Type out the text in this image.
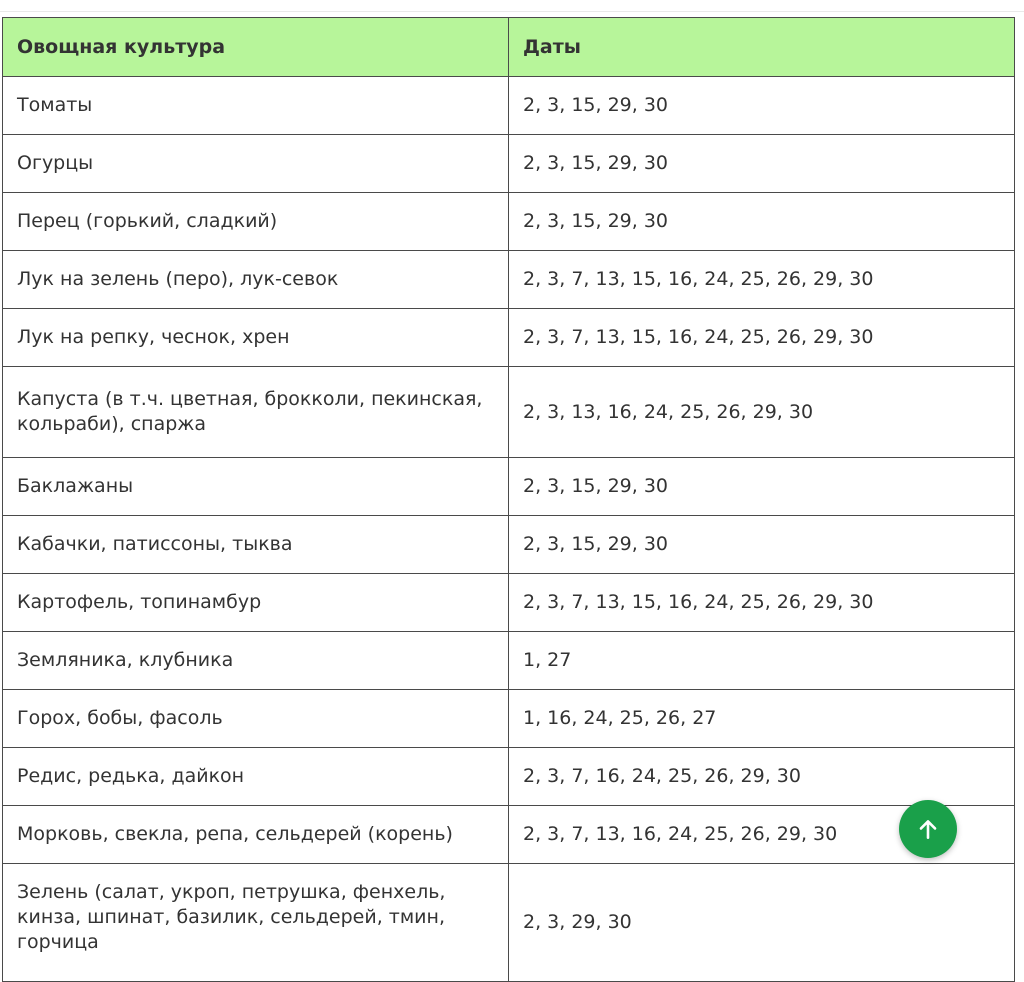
Овощная культура	Даты
Томаты	2, 3, 15, 29, 30
Огурцы	2, 3, 15, 29, 30
Перец (горький, сладкий)	2, 3, 15, 29, 30
Лук на зелень (перо), лук-севок	2, 3, 7, 13, 15, 16, 24, 25, 26, 29, 30
Лук на репку, чеснок, хрен	2, 3, 7, 13, 15, 16, 24, 25, 26, 29, 30
Капуста (в т.ч. цветная, брокколи, пекинская, кольраби), спаржа	2, 3, 13, 16, 24, 25, 26, 29, 30
Баклажаны	2, 3, 15, 29, 30
Кабачки, патиссоны, тыква	2, 3, 15, 29, 30
Картофель, топинамбур	2, 3, 7, 13, 15, 16, 24, 25, 26, 29, 30
Земляника, клубника	1, 27
Горох, бобы, фасоль	1, 16, 24, 25, 26, 27
Редис, редька, дайкон	2, 3, 7, 16, 24, 25, 26, 29, 30
Морковь, свекла, репа, сельдерей (корень)	2, 3, 7, 13, 16, 24, 25, 26, 29, 30
Зелень (салат, укроп, петрушка, фенхель, кинза, шпинат, базилик, сельдерей, тмин, горчица	2, 3, 29, 30
